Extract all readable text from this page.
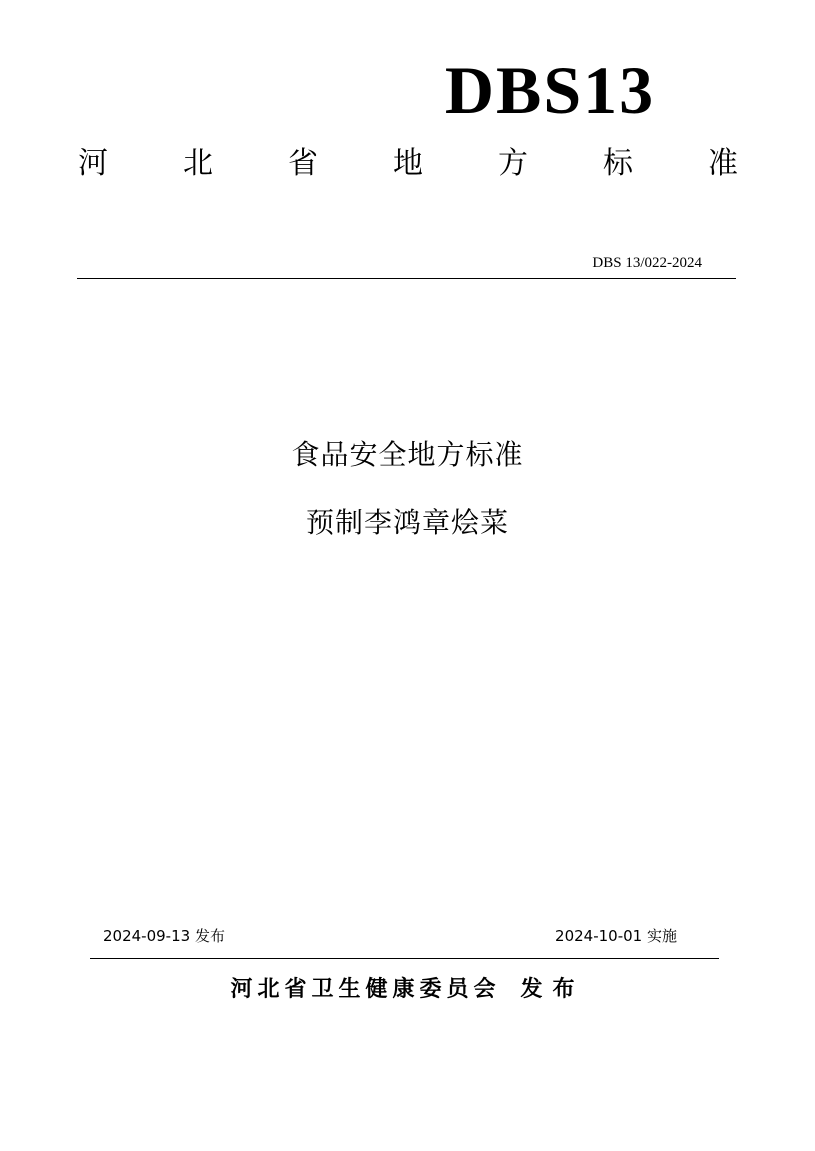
DBS13
河	北	省	地	方	标	准
DBS 13/022-2024
食品安全地方标准
预制李鸿章烩菜
2024-09-13 发布	2024-10-01 实施
河北省卫生健康委员会 发布
